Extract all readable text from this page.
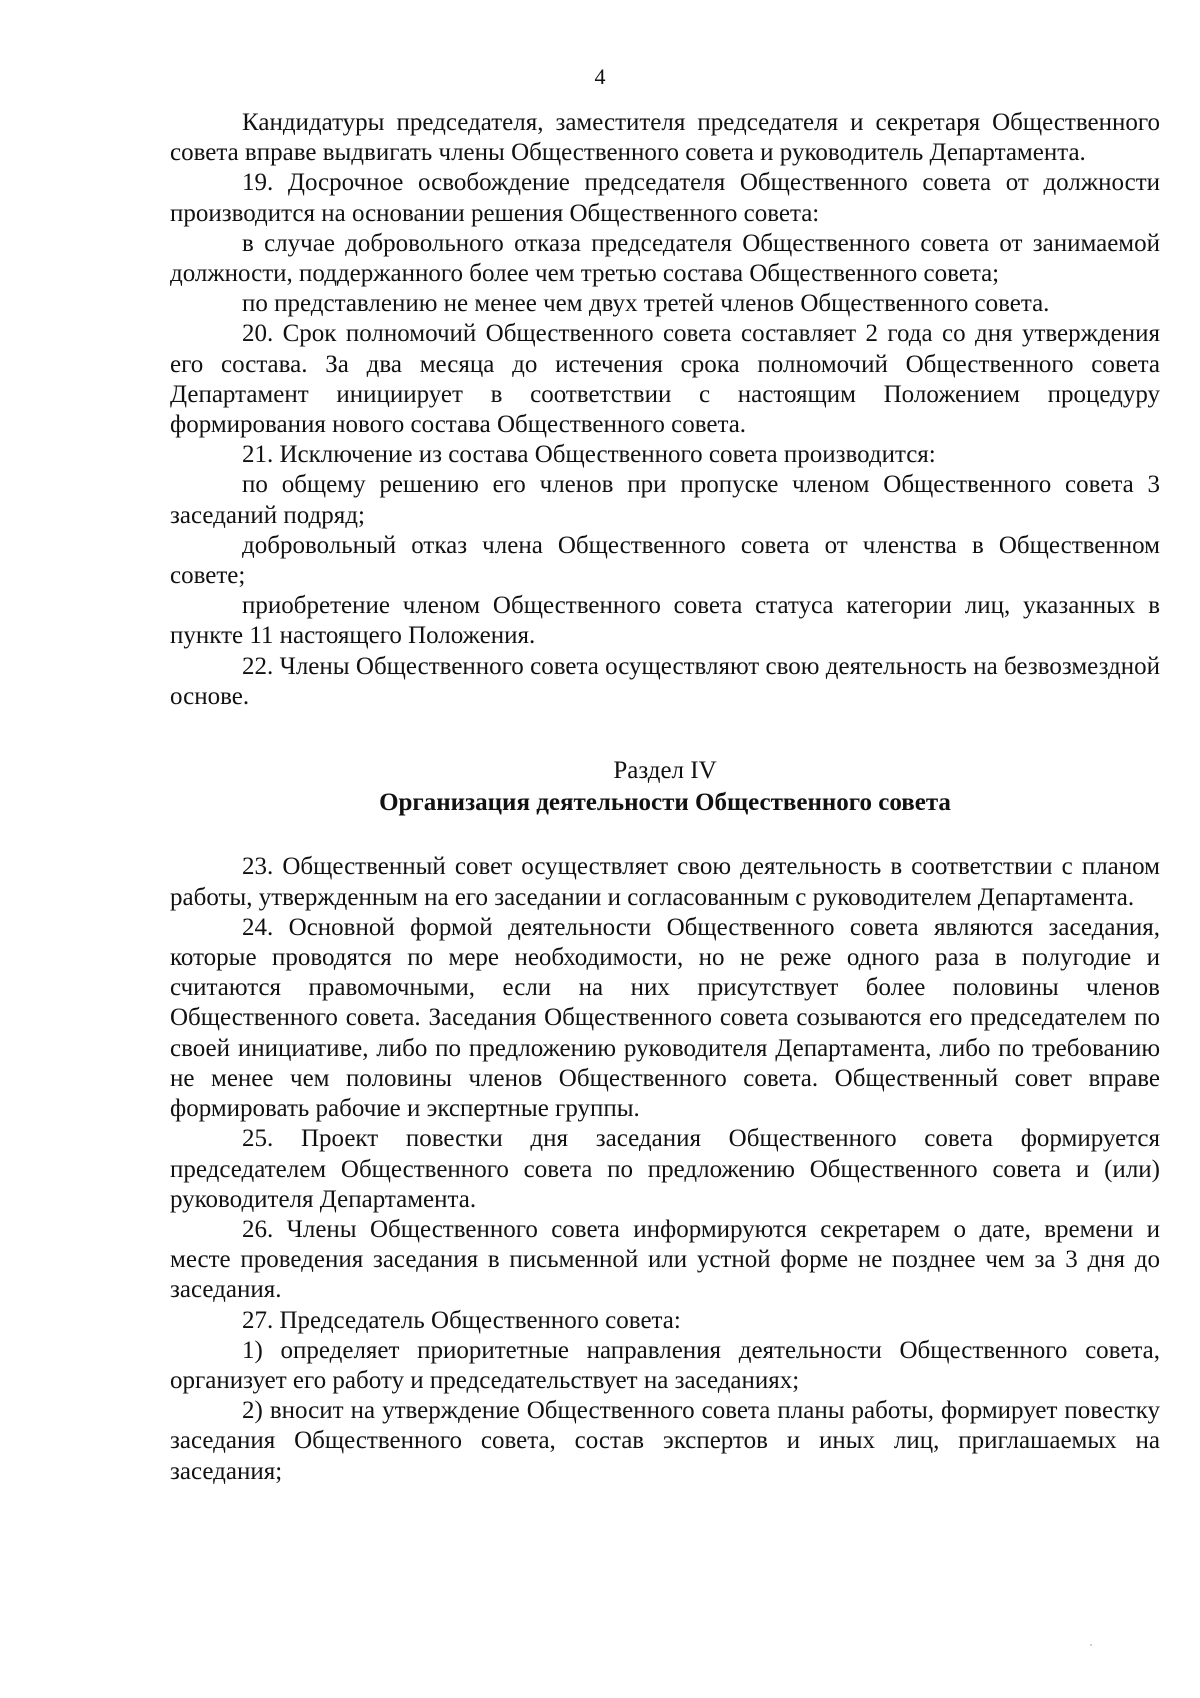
4

Кандидатуры председателя, заместителя председателя и секретаря Общественного совета вправе выдвигать члены Общественного совета и руководитель Департамента.

19. Досрочное освобождение председателя Общественного совета от должности производится на основании решения Общественного совета:

в случае добровольного отказа председателя Общественного совета от занимаемой должности, поддержанного более чем третью состава Общественного совета;

по представлению не менее чем двух третей членов Общественного совета.

20. Срок полномочий Общественного совета составляет 2 года со дня утверждения его состава. За два месяца до истечения срока полномочий Общественного совета Департамент инициирует в соответствии с настоящим Положением процедуру формирования нового состава Общественного совета.

21. Исключение из состава Общественного совета производится:

по общему решению его членов при пропуске членом Общественного совета 3 заседаний подряд;

добровольный отказ члена Общественного совета от членства в Общественном совете;

приобретение членом Общественного совета статуса категории лиц, указанных в пункте 11 настоящего Положения.

22. Члены Общественного совета осуществляют свою деятельность на безвозмездной основе.

Раздел IV

Организация деятельности Общественного совета

23. Общественный совет осуществляет свою деятельность в соответствии с планом работы, утвержденным на его заседании и согласованным с руководителем Департамента.

24. Основной формой деятельности Общественного совета являются заседания, которые проводятся по мере необходимости, но не реже одного раза в полугодие и считаются правомочными, если на них присутствует более половины членов Общественного совета. Заседания Общественного совета созываются его председателем по своей инициативе, либо по предложению руководителя Департамента, либо по требованию не менее чем половины членов Общественного совета. Общественный совет вправе формировать рабочие и экспертные группы.

25. Проект повестки дня заседания Общественного совета формируется председателем Общественного совета по предложению Общественного совета и (или) руководителя Департамента.

26. Члены Общественного совета информируются секретарем о дате, времени и месте проведения заседания в письменной или устной форме не позднее чем за 3 дня до заседания.

27. Председатель Общественного совета:

1) определяет приоритетные направления деятельности Общественного совета, организует его работу и председательствует на заседаниях;

2) вносит на утверждение Общественного совета планы работы, формирует повестку заседания Общественного совета, состав экспертов и иных лиц, приглашаемых на заседания;
